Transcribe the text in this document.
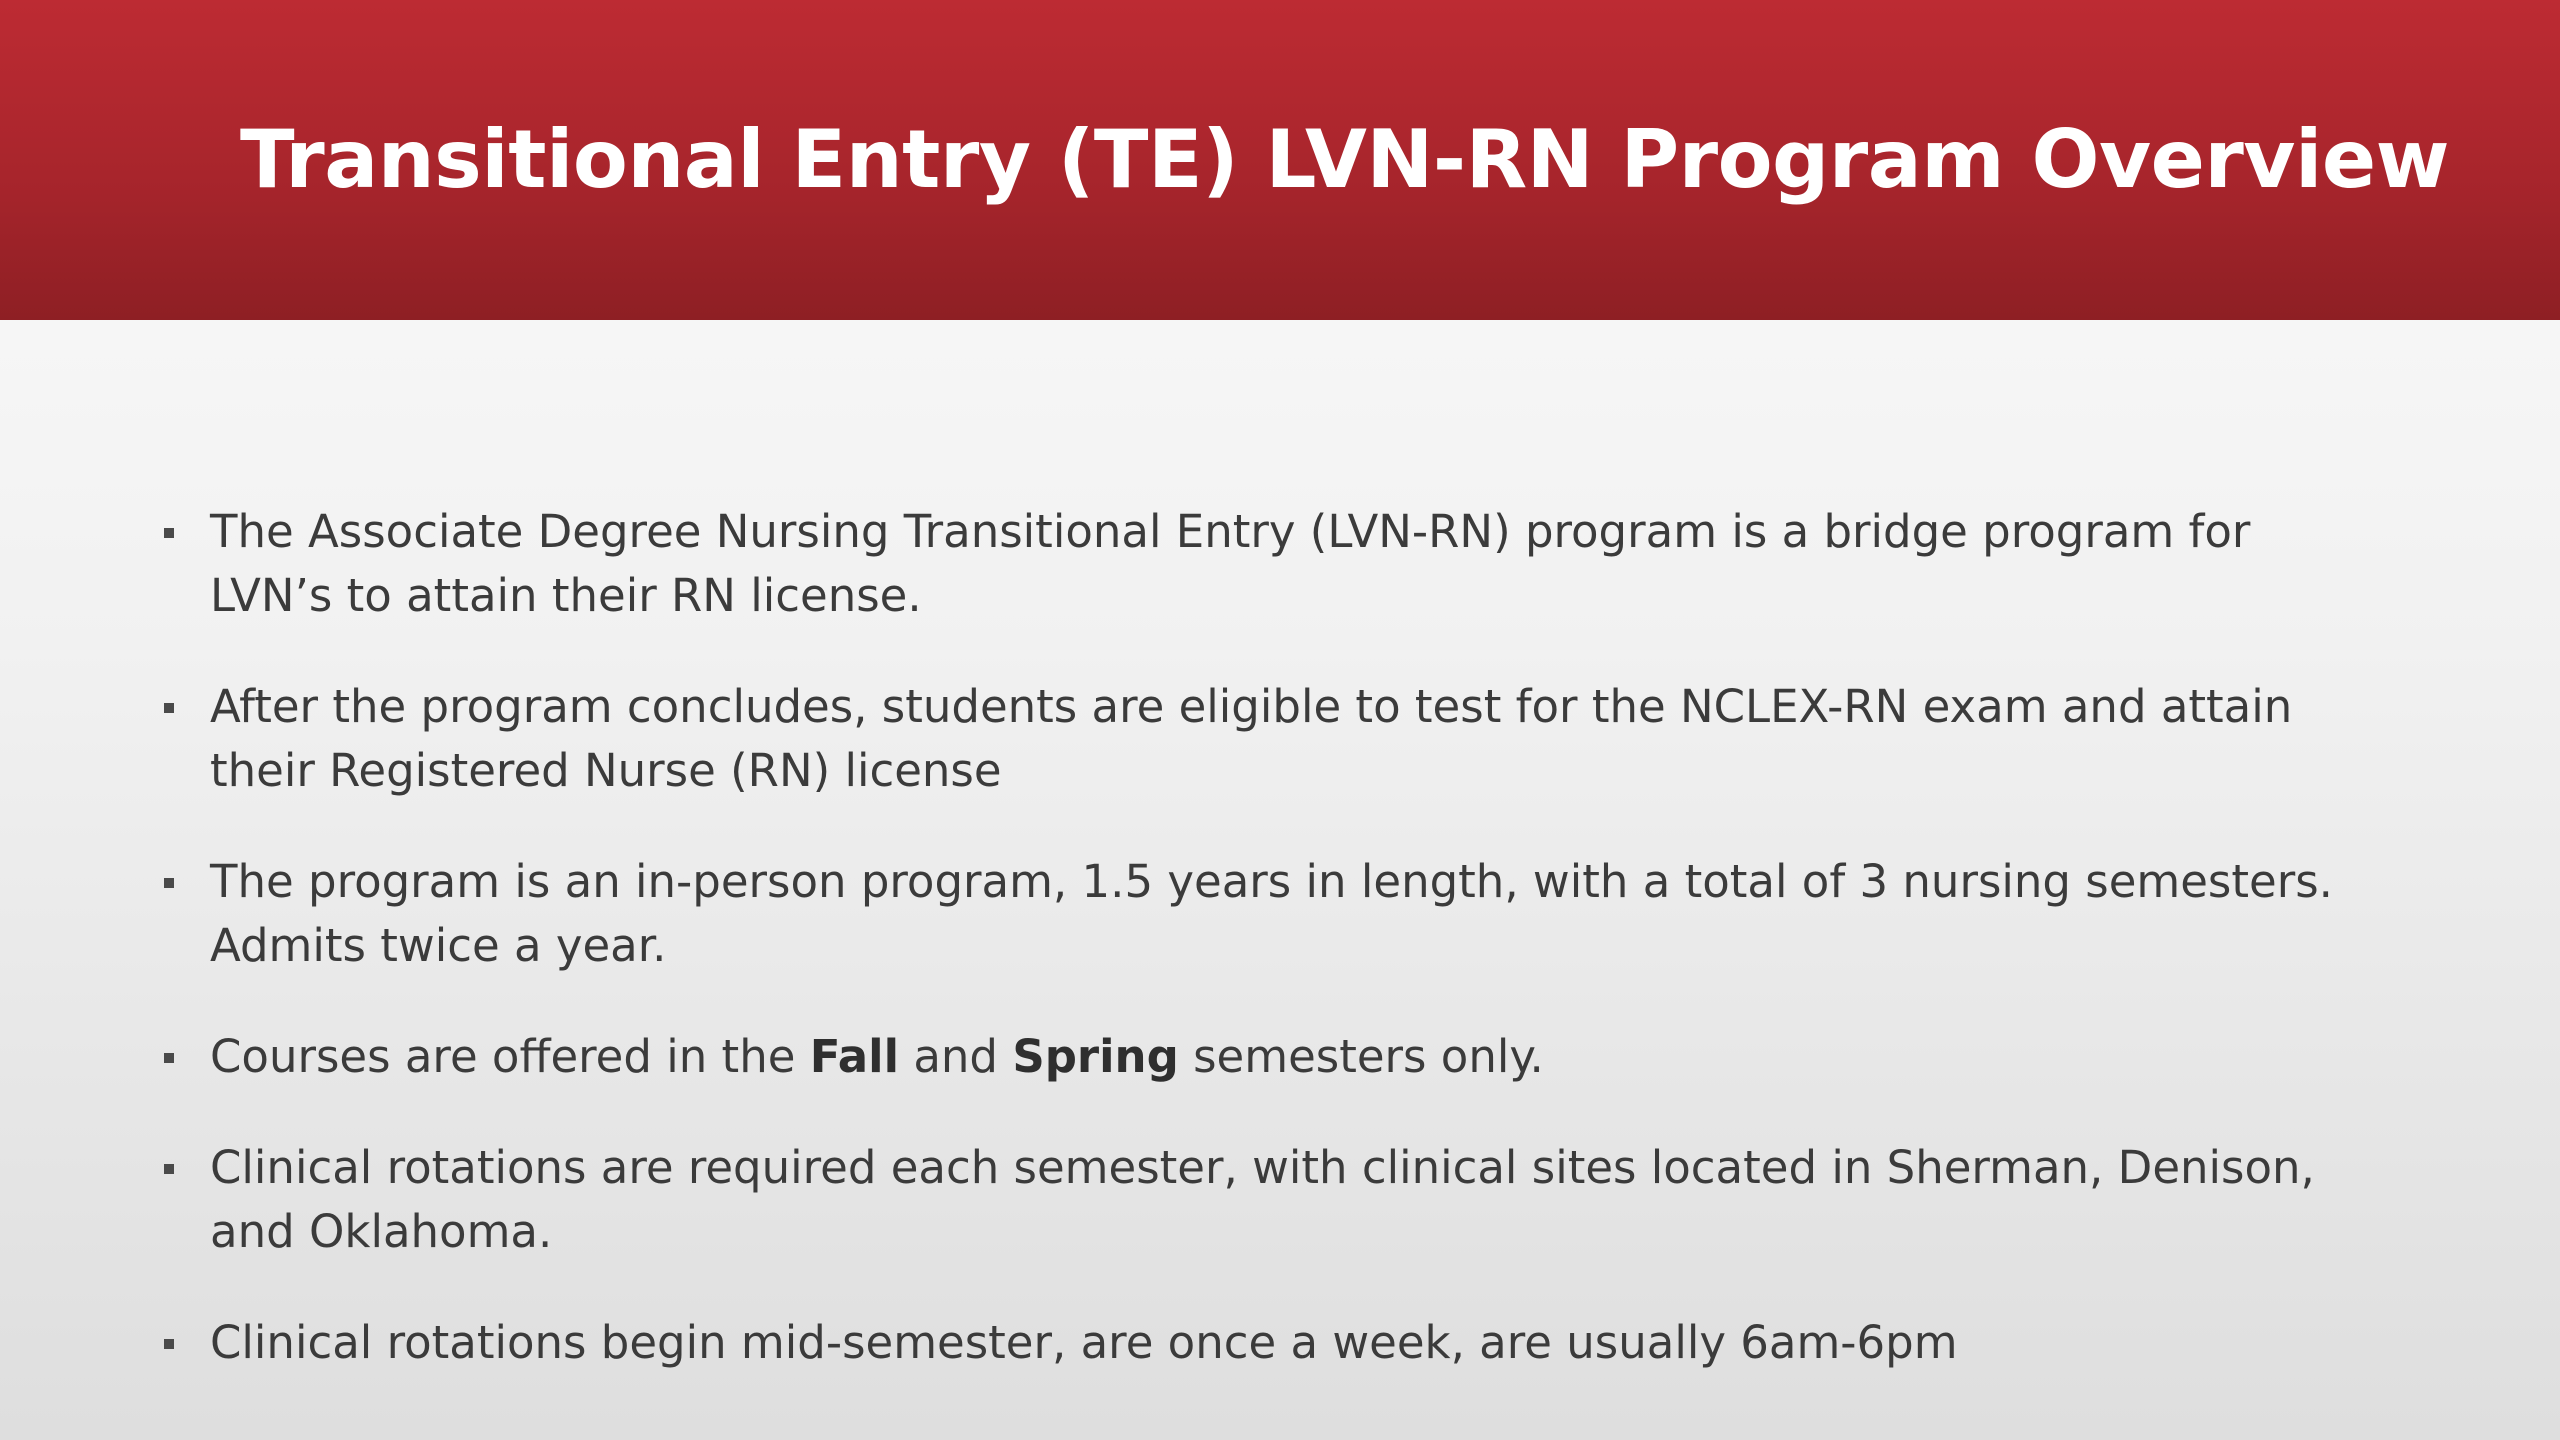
Transitional Entry (TE) LVN-RN Program Overview
The Associate Degree Nursing Transitional Entry (LVN-RN) program is a bridge program for LVN’s to attain their RN license.
After the program concludes, students are eligible to test for the NCLEX-RN exam and attain their Registered Nurse (RN) license
The program is an in-person program, 1.5 years in length, with a total of 3 nursing semesters. Admits twice a year.
Courses are offered in the Fall and Spring semesters only.
Clinical rotations are required each semester, with clinical sites located in Sherman, Denison, and Oklahoma.
Clinical rotations begin mid-semester, are once a week, are usually 6am-6pm
